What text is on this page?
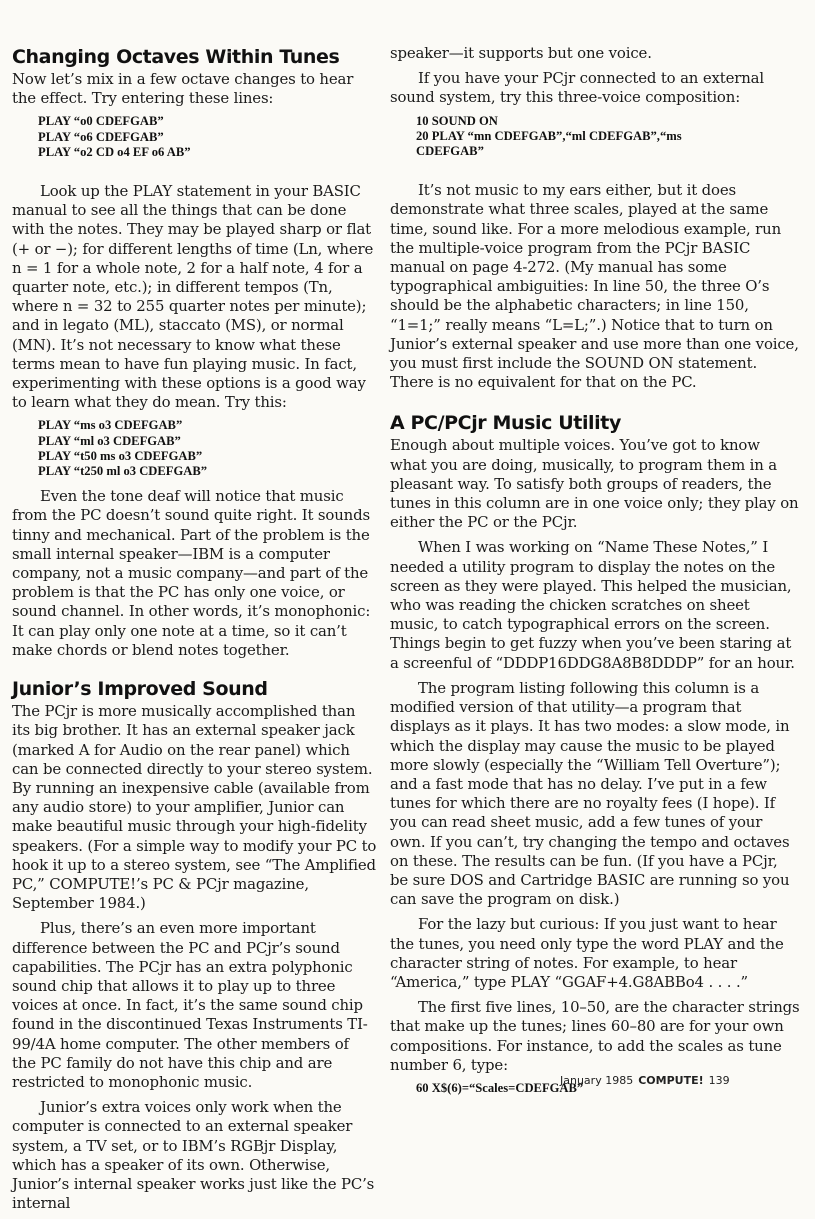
Changing Octaves Within Tunes

Now let’s mix in a few octave changes to hear the effect. Try entering these lines:

PLAY “o0 CDEFGAB”
PLAY “o6 CDEFGAB”
PLAY “o2 CD o4 EF o6 AB”

Look up the PLAY statement in your BASIC manual to see all the things that can be done with the notes. They may be played sharp or flat (+ or −); for different lengths of time (Ln, where n = 1 for a whole note, 2 for a half note, 4 for a quarter note, etc.); in different tempos (Tn, where n = 32 to 255 quarter notes per minute); and in legato (ML), staccato (MS), or normal (MN). It’s not necessary to know what these terms mean to have fun playing music. In fact, experimenting with these options is a good way to learn what they do mean. Try this:

PLAY “ms o3 CDEFGAB”
PLAY “ml o3 CDEFGAB”
PLAY “t50 ms o3 CDEFGAB”
PLAY “t250 ml o3 CDEFGAB”

Even the tone deaf will notice that music from the PC doesn’t sound quite right. It sounds tinny and mechanical. Part of the problem is the small internal speaker—IBM is a computer company, not a music company—and part of the problem is that the PC has only one voice, or sound channel. In other words, it’s monophonic: It can play only one note at a time, so it can’t make chords or blend notes together.

Junior’s Improved Sound

The PCjr is more musically accomplished than its big brother. It has an external speaker jack (marked A for Audio on the rear panel) which can be connected directly to your stereo system. By running an inexpensive cable (available from any audio store) to your amplifier, Junior can make beautiful music through your high-fidelity speakers. (For a simple way to modify your PC to hook it up to a stereo system, see “The Amplified PC,” COMPUTE!’s PC & PCjr magazine, September 1984.)

Plus, there’s an even more important difference between the PC and PCjr’s sound capabilities. The PCjr has an extra polyphonic sound chip that allows it to play up to three voices at once. In fact, it’s the same sound chip found in the discontinued Texas Instruments TI-99/4A home computer. The other members of the PC family do not have this chip and are restricted to monophonic music.

Junior’s extra voices only work when the computer is connected to an external speaker system, a TV set, or to IBM’s RGBjr Display, which has a speaker of its own. Otherwise, Junior’s internal speaker works just like the PC’s internal

speaker—it supports but one voice.

If you have your PCjr connected to an external sound system, try this three-voice composition:

10 SOUND ON
20 PLAY “mn CDEFGAB”,“ml CDEFGAB”,“ms
CDEFGAB”

It’s not music to my ears either, but it does demonstrate what three scales, played at the same time, sound like. For a more melodious example, run the multiple-voice program from the PCjr BASIC manual on page 4-272. (My manual has some typographical ambiguities: In line 50, the three O’s should be the alphabetic characters; in line 150, “1=1;” really means “L=L;”.) Notice that to turn on Junior’s external speaker and use more than one voice, you must first include the SOUND ON statement. There is no equivalent for that on the PC.

A PC/PCjr Music Utility

Enough about multiple voices. You’ve got to know what you are doing, musically, to program them in a pleasant way. To satisfy both groups of readers, the tunes in this column are in one voice only; they play on either the PC or the PCjr.

When I was working on “Name These Notes,” I needed a utility program to display the notes on the screen as they were played. This helped the musician, who was reading the chicken scratches on sheet music, to catch typographical errors on the screen. Things begin to get fuzzy when you’ve been staring at a screenful of “DDDP16DDG8A8B8DDDP” for an hour.

The program listing following this column is a modified version of that utility—a program that displays as it plays. It has two modes: a slow mode, in which the display may cause the music to be played more slowly (especially the “William Tell Overture”); and a fast mode that has no delay. I’ve put in a few tunes for which there are no royalty fees (I hope). If you can read sheet music, add a few tunes of your own. If you can’t, try changing the tempo and octaves on these. The results can be fun. (If you have a PCjr, be sure DOS and Cartridge BASIC are running so you can save the program on disk.)

For the lazy but curious: If you just want to hear the tunes, you need only type the word PLAY and the character string of notes. For example, to hear “America,” type PLAY “GGAF+4.G8ABBo4 . . . .”

The first five lines, 10–50, are the character strings that make up the tunes; lines 60–80 are for your own compositions. For instance, to add the scales as tune number 6, type:

60 X$(6)=“Scales=CDEFGAB”
January 1985 COMPUTE! 139
